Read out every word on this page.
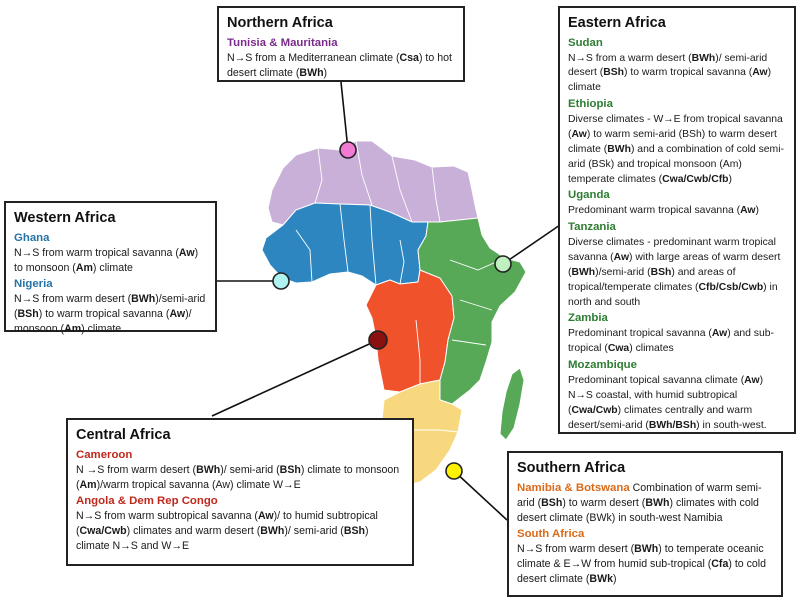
Northern Africa
Tunisia & Mauritania

N→S from a Mediterranean climate (Csa) to hot desert climate (BWh)

Western Africa
Ghana

N→S from warm tropical savanna (Aw) to monsoon (Am) climate

Nigeria

N→S from warm desert (BWh)/semi-arid (BSh) to warm tropical savanna (Aw)/ monsoon (Am) climate

Eastern Africa
Sudan

N→S from a warm desert (BWh)/ semi-arid desert (BSh) to warm tropical savanna (Aw) climate

Ethiopia

Diverse climates - W→E from tropical savanna (Aw) to warm semi-arid (BSh) to warm desert climate (BWh) and a combination of cold semi-arid (BSk) and tropical monsoon (Am) temperate climates (Cwa/Cwb/Cfb)

Uganda

Predominant warm tropical savanna (Aw)

Tanzania

Diverse climates - predominant warm tropical savanna (Aw) with large areas of warm desert (BWh)/semi-arid (BSh) and areas of tropical/temperate climates (Cfb/Csb/Cwb) in north and south

Zambia

Predominant tropical savanna (Aw) and sub-tropical (Cwa) climates

Mozambique

Predominant topical savanna climate (Aw) N→S coastal, with humid subtropical (Cwa/Cwb) climates centrally and warm desert/semi-arid (BWh/BSh) in south-west.

Central Africa
Cameroon

N →S from warm desert (BWh)/ semi-arid (BSh) climate to monsoon (Am)/warm tropical savanna (Aw) climate W→E

Angola & Dem Rep Congo

N→S from warm subtropical savanna (Aw)/ to humid subtropical (Cwa/Cwb) climates and warm desert (BWh)/ semi-arid (BSh) climate N→S and W→E

Southern Africa

Namibia & Botswana Combination of warm semi-arid (BSh) to warm desert (BWh) climates with cold desert climate (BWk) in south-west Namibia

South Africa

N→S from warm desert (BWh) to temperate oceanic climate & E→W from humid sub-tropical (Cfa) to cold desert climate (BWk)
